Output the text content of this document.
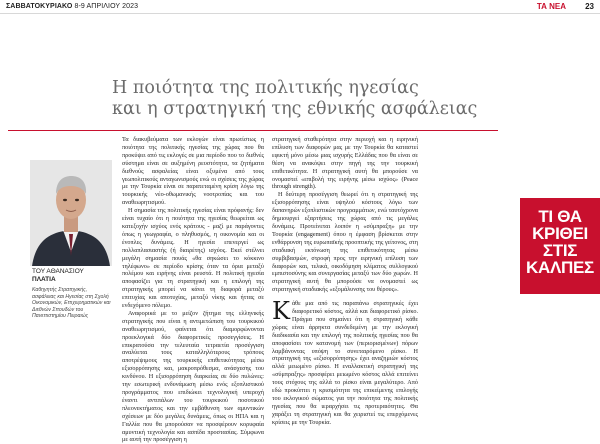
ΣΑΒΒΑΤΟΚΥΡΙΑΚΟ 8-9 ΑΠΡΙΛΙΟΥ 2023	ΤΑ ΝΕΑ 23
Η ποιότητα της πολιτικής ηγεσίας
και η στρατηγική της εθνικής ασφάλειας
ΤΟΥ ΑΘΑΝΑΣΙΟΥ
ΠΛΑΤΙΑ
Καθηγητής Στρατηγικής, ασφάλειας και Ηγεσίας στη Σχολή Οικονομικών, Επιχειρηματικών και Διεθνών Σπουδών του Πανεπιστημίου Πειραιώς

Τα διακυβεύματα των εκλογών είναι πρωτίστως η ποιότητα της πολιτικής ηγεσίας της χώρας που θα προκύψει από τις εκλογές σε μια περίοδο που το διεθνές σύστημα είναι σε αυξημένη ρευστότητα, τα ζητήματα διεθνούς ασφαλείας είναι οξυμένα από τους γεωπολιτικούς ανταγωνισμούς ενώ οι σχέσεις της χώρας με την Τουρκία είναι σε παρατεταμένη κρίση λόγω της τουρκικής νέο-οθωμανικής νοοτροπίας και του αναθεωρητισμού.

Η σημασία της πολιτικής ηγεσίας είναι πρόφανής: δεν είναι τυχαίο ότι η ποιότητα της ηγεσίας θεωρείται ως κατεξοχήν ισχύος ενός κράτους - μαζί με παράγοντες όπως η γεωγραφία, ο πληθυσμός, η οικονομία και οι ένοπλες δυνάμεις. Η ηγεσία επενεργεί ως πολλαπλασιαστής (ή διαιρέτης) ισχύος. Εκεί στέλνει μεγάλη σημασία πουάς «θα σηκώσει το κόκκινο τηλέφωνο» σε περίοδο κρίσης όταν τα όρια μεταξύ πολέμου και ειρήνης είναι ρευστά. Η πολιτική ηγεσία αποφασίζει για τη στρατηγική και η επιλογή της στρατηγικής μπορεί να κάνει τη διαφορά μεταξύ επιτυχίας και αποτυχίας, μεταξύ νίκης και ήττας σε ενδεχόμενο πόλεμο.

Αναφορικά με το μείζον ζήτημα της ελληνικής στρατηγικής που είναι η αντιμετώπιση του τουρκικού αναθεωρητισμού, φαίνεται ότι διαμορφώνονται προεκλογικά δύο διαφορετικές προσεγγίσεις. Η επικρατούσα την τελευταία τετραετία προσέγγιση αναλύεται τους καταλληλότερους τρόπους αποτρέψιμους της τουρκικής επιθετικότητας μέσω εξισορρόπησης και, μακροπρόθεσμα, ανάσχεσης του κινδύνου. Η εξισορρόπηση διαρκείας σε δύο πυλώνες: την εσωτερική ενδυνάμωση μέσω ενός εξοπλιστικού προγράμματος που επιδιώκει τεχνολογική υπεροχή έναντι αντιπάλων του τουρκικού ποσοτικού πλεονεκτήματος και την εμβάθυνση των αμυντικών σχέσεων με δύο μεγάλες δυνάμεις, όπως οι ΗΠΑ και η Γαλλία που θα μπορούσαν να προσφέρουν κορυφαία αμυντική τεχνολογία και ασπίδα προστασίας. Σύμφωνα με αυτή την προσέγγιση η

στρατηγική σταθερότητα στην περιοχή και η ειρηνική επίλυση των διαφορών μας με την Τουρκία θα καταστεί εφικτή μόνο μέσω μιας ισχυρής Ελλάδας που θα είναι σε θέση να ανακόψει στην πηγή της την τουρκική επιθετικότητα. Η στρατηγική αυτή θα μπορούσε να ονομαστεί «επιβολή της ειρήνης μέσω ισχύος» (Peace through strength).

Η δεύτερη προσέγγιση θεωρεί ότι η στρατηγική της εξισορρόπησης είναι υψηλού κόστους λόγω των δαπανηρών εξοπλιστικών προγραμμάτων, ενώ ταυτόχρονα δημιουργεί εξαρτήσεις της χώρας από τις μεγάλες δυνάμεις. Προτείνεται λοιπόν η «σύμπραξη» με την Τουρκία (engagement) όπου η έμφαση βρίσκεται στην ενθάρρυνση της ευρωπαϊκής προοπτικής της γείτονος, στη σταδιακή εκτόνωση της επιθετικότητας μέσω συμβιβασμών, στροφή προς την ειρηνική επίλυση των διαφορών και, τελικά, οικοδόμηση κλίματος συλλογικού εμπιστοσύνης και συνεργασίας μεταξύ των δύο χωρών. Η στρατηγική αυτή θα μπορούσε να ονομαστεί ως στρατηγική σταδιακής «εξομάλυνσης του θέρους».

Κάθε μια από τις παραπάνω στρατηγικές έχει διαφορετικό κόστος, αλλά και διαφορετικό ρίσκο. Πράγμα που σημαίνει ότι η στρατηγική κάθε χώρας είναι άρρηκτα συνδεδεμένη με την εκλογική διαδικασία και την επιλογή της πολιτικής ηγεσίας που θα αποφασίσει τον κατανομή των (περιορισμένων) πόρων λαμβάνοντας υπόψη το συνεταιρόμενο ρίσκο. Η στρατηγική της «εξισορρόπησης» έχει αναζημιών κόστος αλλά μειωμένο ρίσκο. Η εναλλακτική στρατηγική της «σύμπραξης» προσφέρει μειωμένο κόστος αλλά επιτείνει τους στόχους της αλλά το ρίσκο είναι μεγαλύτερο. Από εδώ προκύπτει η κρισιμότητα της επικείμενης επιλογής του εκλογικού σώματος για την ποιότητα της πολιτικής ηγεσίας που θα ιεραρχήσει τις προτεραιότητες. Θα χαράξει τη στρατηγική και θα χειριστεί τις επερχόμενες κρίσεις με την Τουρκία.

ΤΙ ΘΑ
ΚΡΙΘΕΙ
ΣΤΙΣ
ΚΑΛΠΕΣ
